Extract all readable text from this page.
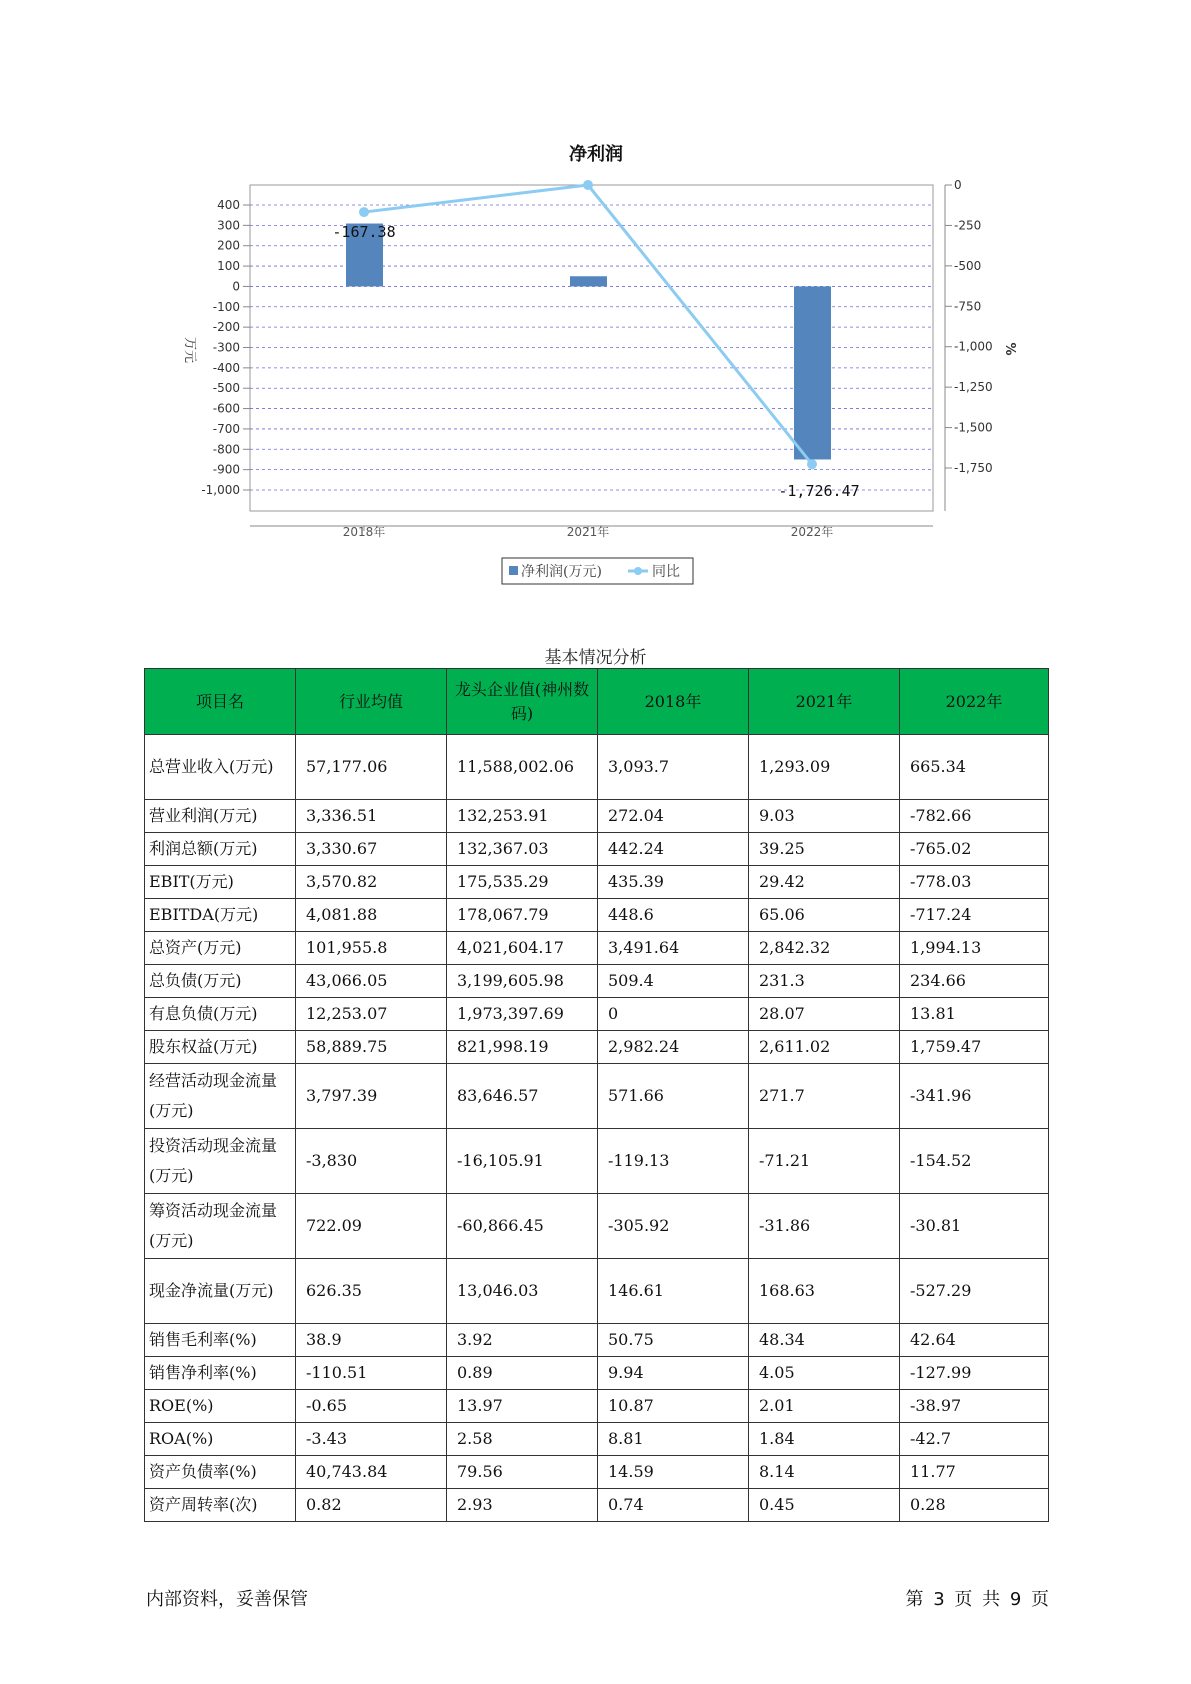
净利润
400
300
200
100
0
-100
-200
-300
-400
-500
-600
-700
-800
-900
-1,000
0
-250
-500
-750
-1,000
-1,250
-1,500
-1,750
万元	%
2018年	2021年	2022年
-167.38
-1,726.47
净利润(万元)	同比
基本情况分析
项目名	行业均值	龙头企业值(神州数码)	2018年	2021年	2022年
总营业收入(万元)	57,177.06	11,588,002.06	3,093.7	1,293.09	665.34
营业利润(万元)	3,336.51	132,253.91	272.04	9.03	-782.66
利润总额(万元)	3,330.67	132,367.03	442.24	39.25	-765.02
EBIT(万元)	3,570.82	175,535.29	435.39	29.42	-778.03
EBITDA(万元)	4,081.88	178,067.79	448.6	65.06	-717.24
总资产(万元)	101,955.8	4,021,604.17	3,491.64	2,842.32	1,994.13
总负债(万元)	43,066.05	3,199,605.98	509.4	231.3	234.66
有息负债(万元)	12,253.07	1,973,397.69	0	28.07	13.81
股东权益(万元)	58,889.75	821,998.19	2,982.24	2,611.02	1,759.47
经营活动现金流量(万元)	3,797.39	83,646.57	571.66	271.7	-341.96
投资活动现金流量(万元)	-3,830	-16,105.91	-119.13	-71.21	-154.52
筹资活动现金流量(万元)	722.09	-60,866.45	-305.92	-31.86	-30.81
现金净流量(万元)	626.35	13,046.03	146.61	168.63	-527.29
销售毛利率(%)	38.9	3.92	50.75	48.34	42.64
销售净利率(%)	-110.51	0.89	9.94	4.05	-127.99
ROE(%)	-0.65	13.97	10.87	2.01	-38.97
ROA(%)	-3.43	2.58	8.81	1.84	-42.7
资产负债率(%)	40,743.84	79.56	14.59	8.14	11.77
资产周转率(次)	0.82	2.93	0.74	0.45	0.28
内部资料，妥善保管	第 3 页 共 9 页
